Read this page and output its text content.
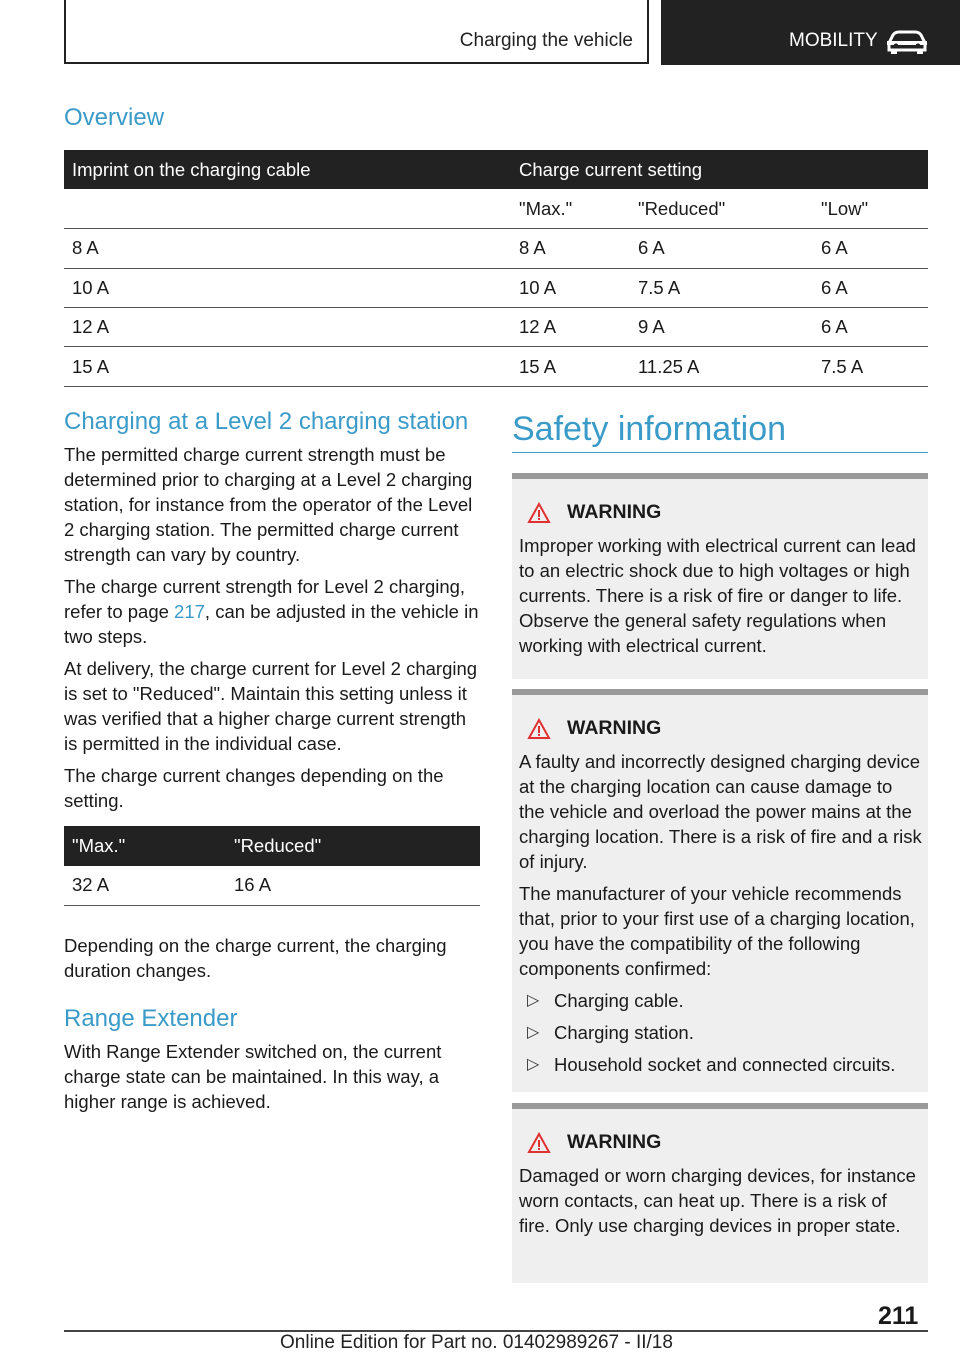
Charging the vehicle	MOBILITY
Overview
Imprint on the charging cable	Charge current setting		
	"Max."	"Reduced"	"Low"
8 A	8 A	6 A	6 A
10 A	10 A	7.5 A	6 A
12 A	12 A	9 A	6 A
15 A	15 A	11.25 A	7.5 A
Charging at a Level 2 charging station

The permitted charge current strength must be determined prior to charging at a Level 2 charging station, for instance from the operator of the Level 2 charging station. The permitted charge current strength can vary by country.

The charge current strength for Level 2 charging, refer to page 217, can be adjusted in the vehicle in two steps.

At delivery, the charge current for Level 2 charging is set to "Reduced". Maintain this setting unless it was verified that a higher charge current strength is permitted in the individual case.

The charge current changes depending on the setting.

"Max."	"Reduced"
32 A	16 A

Depending on the charge current, the charging duration changes.

Range Extender

With Range Extender switched on, the current charge state can be maintained. In this way, a higher range is achieved.

Safety information
WARNING

Improper working with electrical current can lead to an electric shock due to high voltages or high currents. There is a risk of fire or danger to life. Observe the general safety regulations when working with electrical current.

WARNING

A faulty and incorrectly designed charging device at the charging location can cause damage to the vehicle and overload the power mains at the charging location. There is a risk of fire and a risk of injury.

The manufacturer of your vehicle recommends that, prior to your first use of a charging location, you have the compatibility of the following components confirmed:

▷ Charging cable.
▷ Charging station.
▷ Household socket and connected circuits.
WARNING

Damaged or worn charging devices, for instance worn contacts, can heat up. There is a risk of fire. Only use charging devices in proper state.

211
Online Edition for Part no. 01402989267 - II/18
